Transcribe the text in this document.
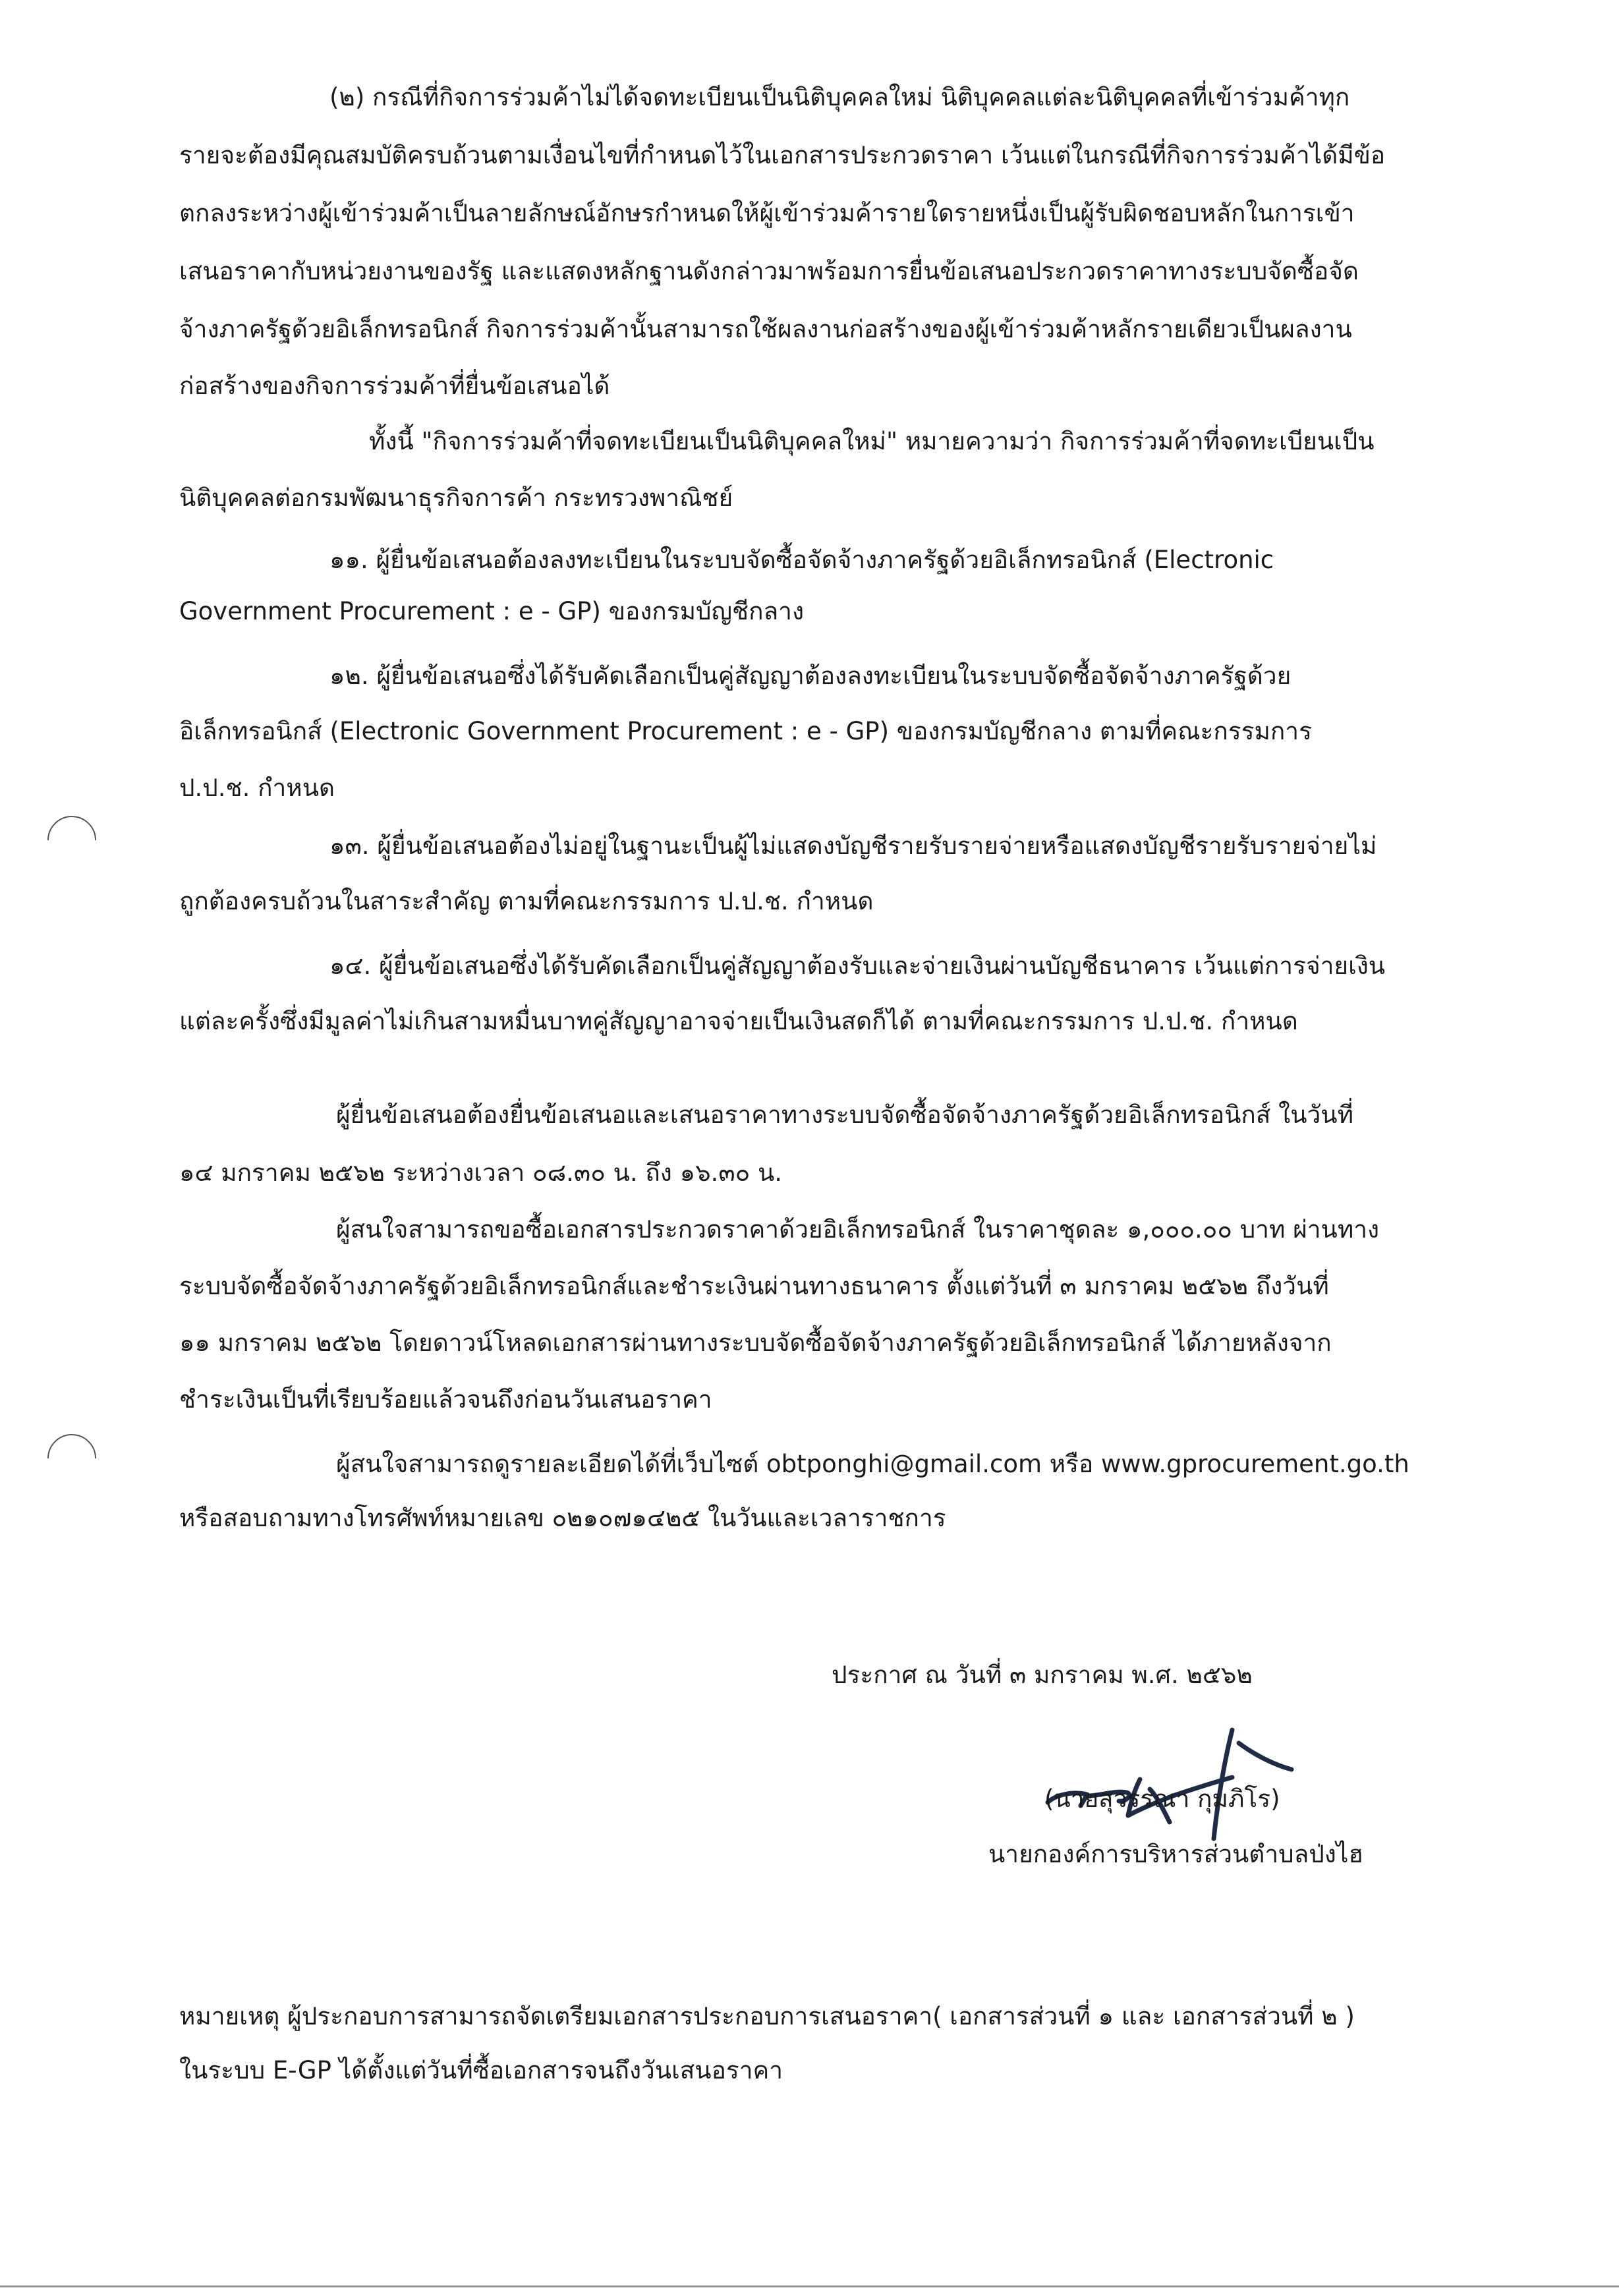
(๒) กรณีที่กิจการร่วมค้าไม่ได้จดทะเบียนเป็นนิติบุคคลใหม่ นิติบุคคลแต่ละนิติบุคคลที่เข้าร่วมค้าทุก
รายจะต้องมีคุณสมบัติครบถ้วนตามเงื่อนไขที่กำหนดไว้ในเอกสารประกวดราคา เว้นแต่ในกรณีที่กิจการร่วมค้าได้มีข้อ
ตกลงระหว่างผู้เข้าร่วมค้าเป็นลายลักษณ์อักษรกำหนดให้ผู้เข้าร่วมค้ารายใดรายหนึ่งเป็นผู้รับผิดชอบหลักในการเข้า
เสนอราคากับหน่วยงานของรัฐ และแสดงหลักฐานดังกล่าวมาพร้อมการยื่นข้อเสนอประกวดราคาทางระบบจัดซื้อจัด
จ้างภาครัฐด้วยอิเล็กทรอนิกส์ กิจการร่วมค้านั้นสามารถใช้ผลงานก่อสร้างของผู้เข้าร่วมค้าหลักรายเดียวเป็นผลงาน
ก่อสร้างของกิจการร่วมค้าที่ยื่นข้อเสนอได้
ทั้งนี้ "กิจการร่วมค้าที่จดทะเบียนเป็นนิติบุคคลใหม่" หมายความว่า กิจการร่วมค้าที่จดทะเบียนเป็น
นิติบุคคลต่อกรมพัฒนาธุรกิจการค้า กระทรวงพาณิชย์
๑๑. ผู้ยื่นข้อเสนอต้องลงทะเบียนในระบบจัดซื้อจัดจ้างภาครัฐด้วยอิเล็กทรอนิกส์ (Electronic
Government Procurement : e - GP) ของกรมบัญชีกลาง
๑๒. ผู้ยื่นข้อเสนอซึ่งได้รับคัดเลือกเป็นคู่สัญญาต้องลงทะเบียนในระบบจัดซื้อจัดจ้างภาครัฐด้วย
อิเล็กทรอนิกส์ (Electronic Government Procurement : e - GP) ของกรมบัญชีกลาง ตามที่คณะกรรมการ
ป.ป.ช. กำหนด
๑๓. ผู้ยื่นข้อเสนอต้องไม่อยู่ในฐานะเป็นผู้ไม่แสดงบัญชีรายรับรายจ่ายหรือแสดงบัญชีรายรับรายจ่ายไม่
ถูกต้องครบถ้วนในสาระสำคัญ ตามที่คณะกรรมการ ป.ป.ช. กำหนด
๑๔. ผู้ยื่นข้อเสนอซึ่งได้รับคัดเลือกเป็นคู่สัญญาต้องรับและจ่ายเงินผ่านบัญชีธนาคาร เว้นแต่การจ่ายเงิน
แต่ละครั้งซึ่งมีมูลค่าไม่เกินสามหมื่นบาทคู่สัญญาอาจจ่ายเป็นเงินสดก็ได้ ตามที่คณะกรรมการ ป.ป.ช. กำหนด
ผู้ยื่นข้อเสนอต้องยื่นข้อเสนอและเสนอราคาทางระบบจัดซื้อจัดจ้างภาครัฐด้วยอิเล็กทรอนิกส์ ในวันที่
๑๔ มกราคม ๒๕๖๒ ระหว่างเวลา ๐๘.๓๐ น. ถึง ๑๖.๓๐ น.
ผู้สนใจสามารถขอซื้อเอกสารประกวดราคาด้วยอิเล็กทรอนิกส์ ในราคาชุดละ ๑,๐๐๐.๐๐ บาท ผ่านทาง
ระบบจัดซื้อจัดจ้างภาครัฐด้วยอิเล็กทรอนิกส์และชำระเงินผ่านทางธนาคาร ตั้งแต่วันที่ ๓ มกราคม ๒๕๖๒ ถึงวันที่
๑๑ มกราคม ๒๕๖๒ โดยดาวน์โหลดเอกสารผ่านทางระบบจัดซื้อจัดจ้างภาครัฐด้วยอิเล็กทรอนิกส์ ได้ภายหลังจาก
ชำระเงินเป็นที่เรียบร้อยแล้วจนถึงก่อนวันเสนอราคา
ผู้สนใจสามารถดูรายละเอียดได้ที่เว็บไซต์ obtponghi@gmail.com หรือ www.gprocurement.go.th
หรือสอบถามทางโทรศัพท์หมายเลข ๐๒๑๐๗๑๔๒๕ ในวันและเวลาราชการ
ประกาศ ณ วันที่ ๓ มกราคม พ.ศ. ๒๕๖๒
(นายสุวรรณา กุมภิโร)
นายกองค์การบริหารส่วนตำบลป่งไฮ
หมายเหตุ ผู้ประกอบการสามารถจัดเตรียมเอกสารประกอบการเสนอราคา( เอกสารส่วนที่ ๑ และ เอกสารส่วนที่ ๒ )
ในระบบ E-GP ได้ตั้งแต่วันที่ซื้อเอกสารจนถึงวันเสนอราคา
